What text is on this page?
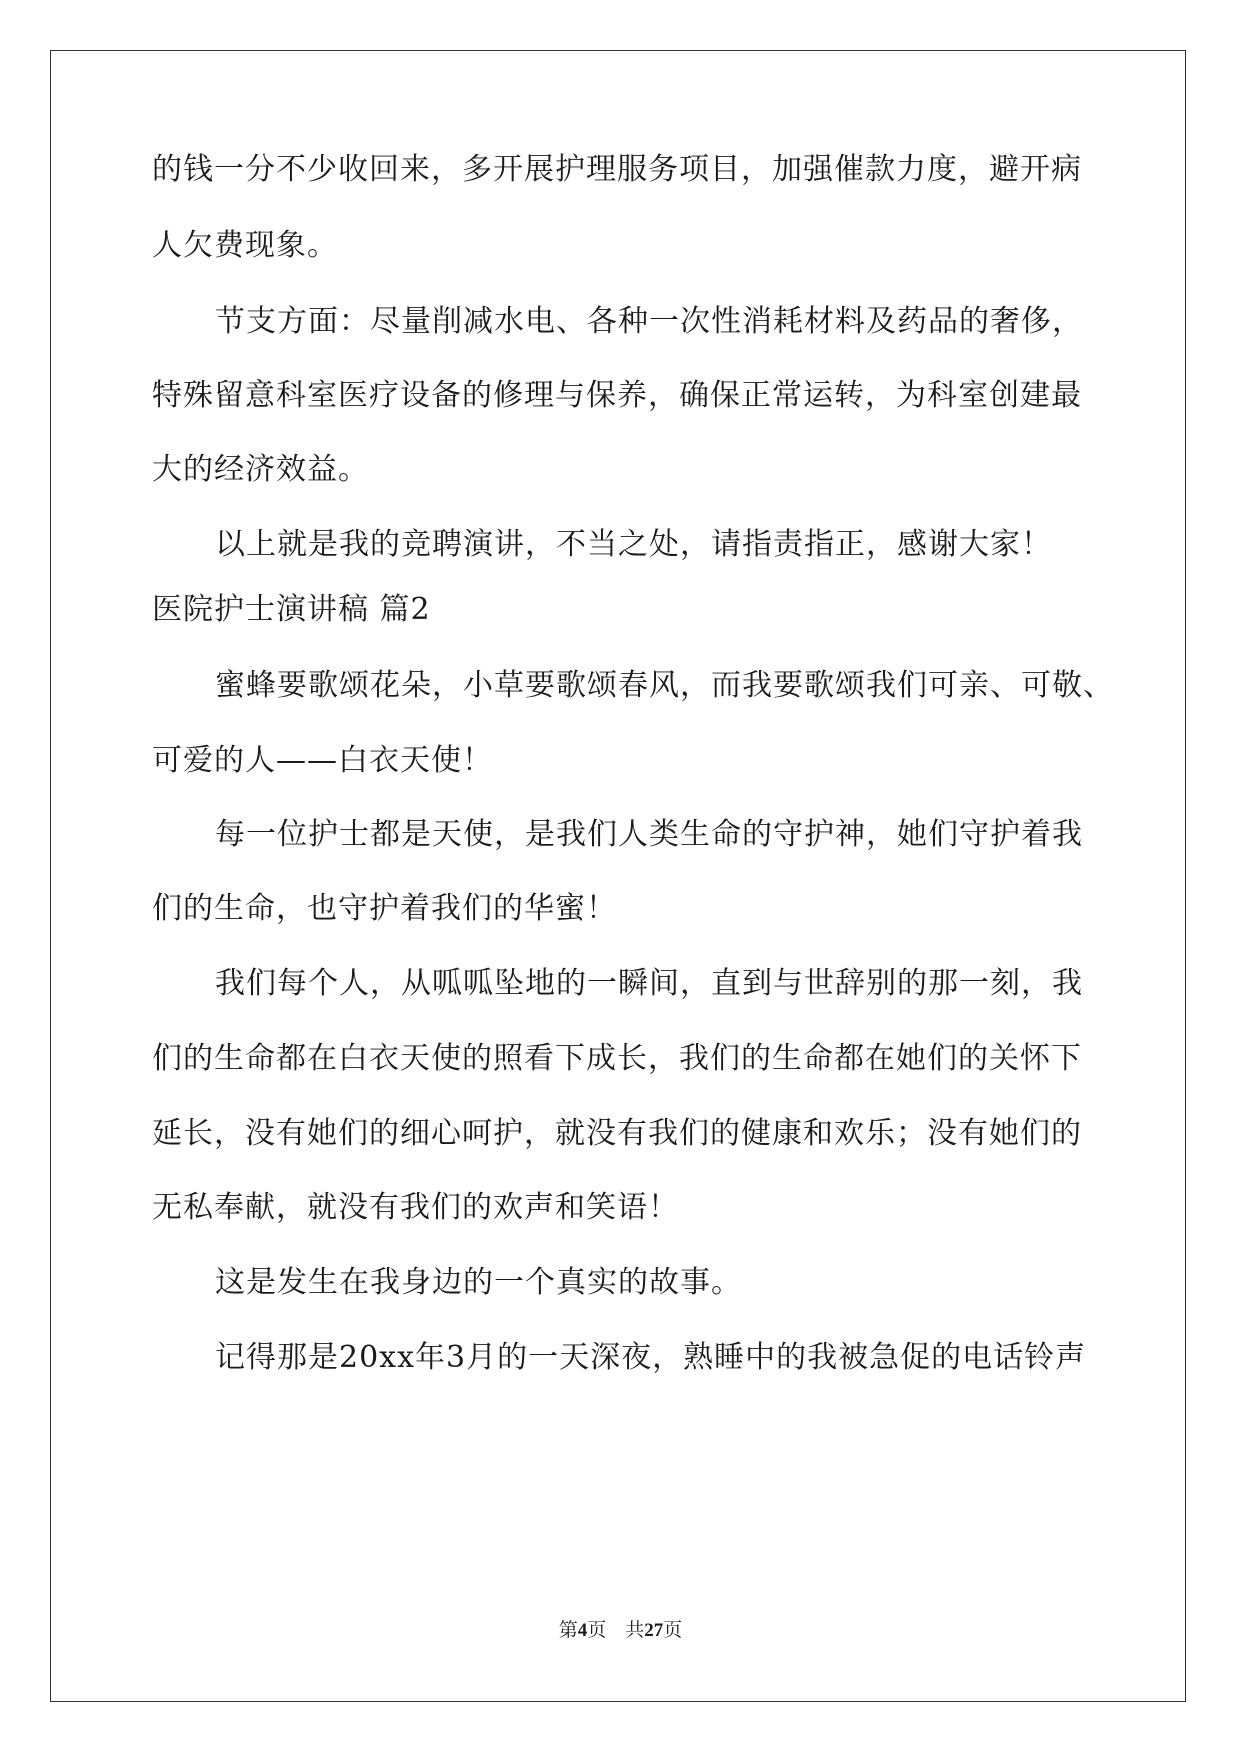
的钱一分不少收回来，多开展护理服务项目，加强催款力度，避开病
人欠费现象。
节支方面：尽量削减水电、各种一次性消耗材料及药品的奢侈，
特殊留意科室医疗设备的修理与保养，确保正常运转，为科室创建最
大的经济效益。
以上就是我的竞聘演讲，不当之处，请指责指正，感谢大家！
医院护士演讲稿 篇2
蜜蜂要歌颂花朵，小草要歌颂春风，而我要歌颂我们可亲、可敬、
可爱的人——白衣天使！
每一位护士都是天使，是我们人类生命的守护神，她们守护着我
们的生命，也守护着我们的华蜜！
我们每个人，从呱呱坠地的一瞬间，直到与世辞别的那一刻，我
们的生命都在白衣天使的照看下成长，我们的生命都在她们的关怀下
延长，没有她们的细心呵护，就没有我们的健康和欢乐；没有她们的
无私奉献，就没有我们的欢声和笑语！
这是发生在我身边的一个真实的故事。
记得那是20xx年3月的一天深夜，熟睡中的我被急促的电话铃声
第4页 共27页
